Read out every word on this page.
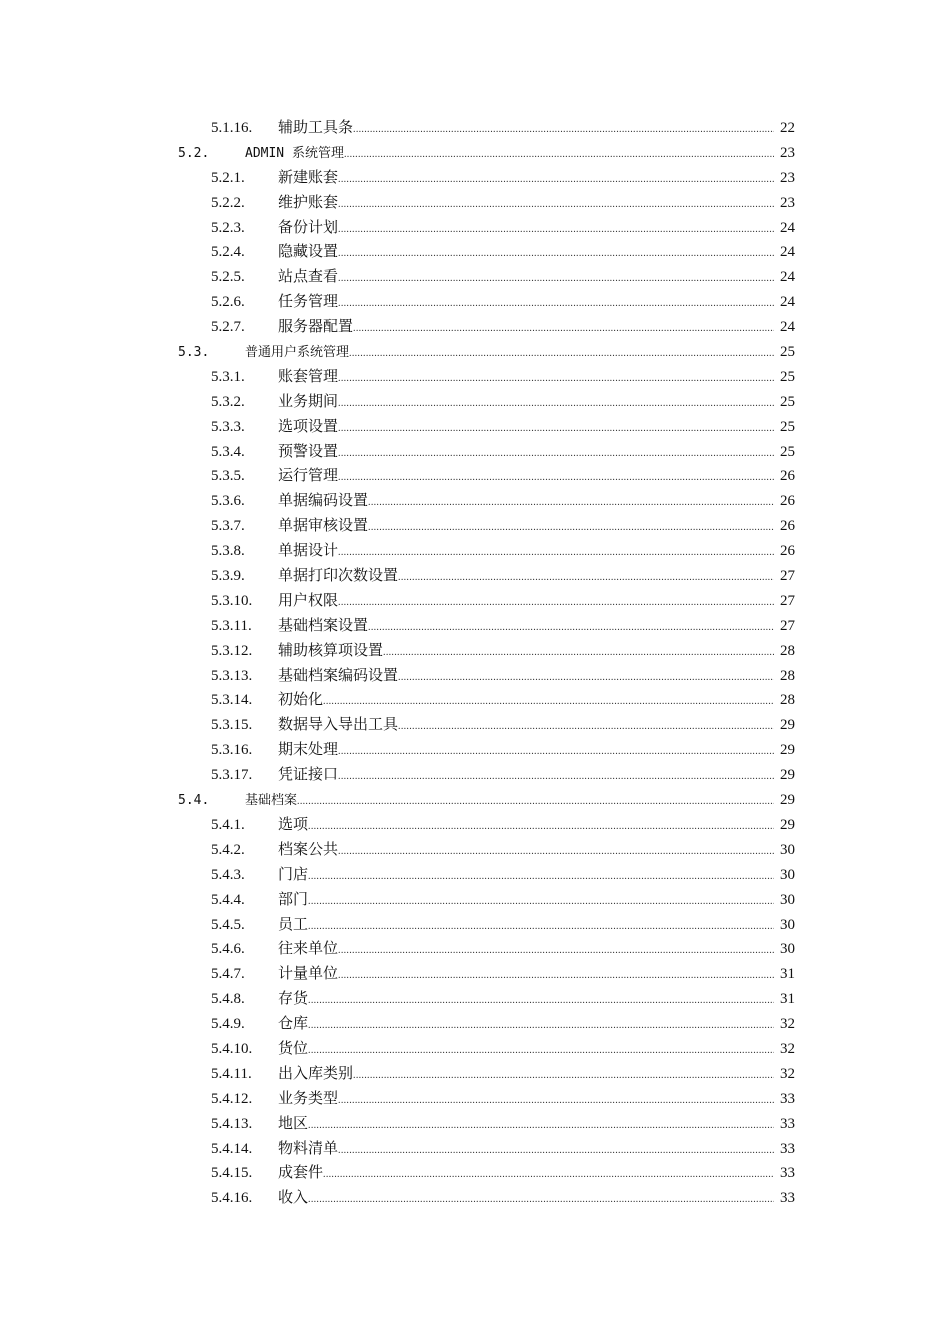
5.1.16.	辅助工具条 .....	22
5.2.	ADMIN 系统管理 .....	23
5.2.1.	新建账套 .....	23
5.2.2.	维护账套 .....	23
5.2.3.	备份计划 .....	24
5.2.4.	隐藏设置 .....	24
5.2.5.	站点查看 .....	24
5.2.6.	任务管理 .....	24
5.2.7.	服务器配置 .....	24
5.3.	普通用户系统管理 .....	25
5.3.1.	账套管理 .....	25
5.3.2.	业务期间 .....	25
5.3.3.	选项设置 .....	25
5.3.4.	预警设置 .....	25
5.3.5.	运行管理 .....	26
5.3.6.	单据编码设置 .....	26
5.3.7.	单据审核设置 .....	26
5.3.8.	单据设计 .....	26
5.3.9.	单据打印次数设置 .....	27
5.3.10.	用户权限 .....	27
5.3.11.	基础档案设置 .....	27
5.3.12.	辅助核算项设置 .....	28
5.3.13.	基础档案编码设置 .....	28
5.3.14.	初始化 .....	28
5.3.15.	数据导入导出工具 .....	29
5.3.16.	期末处理 .....	29
5.3.17.	凭证接口 .....	29
5.4.	基础档案 .....	29
5.4.1.	选项 .....	29
5.4.2.	档案公共 .....	30
5.4.3.	门店 .....	30
5.4.4.	部门 .....	30
5.4.5.	员工 .....	30
5.4.6.	往来单位 .....	30
5.4.7.	计量单位 .....	31
5.4.8.	存货 .....	31
5.4.9.	仓库 .....	32
5.4.10.	货位 .....	32
5.4.11.	出入库类别 .....	32
5.4.12.	业务类型 .....	33
5.4.13.	地区 .....	33
5.4.14.	物料清单 .....	33
5.4.15.	成套件 .....	33
5.4.16.	收入 .....	33
